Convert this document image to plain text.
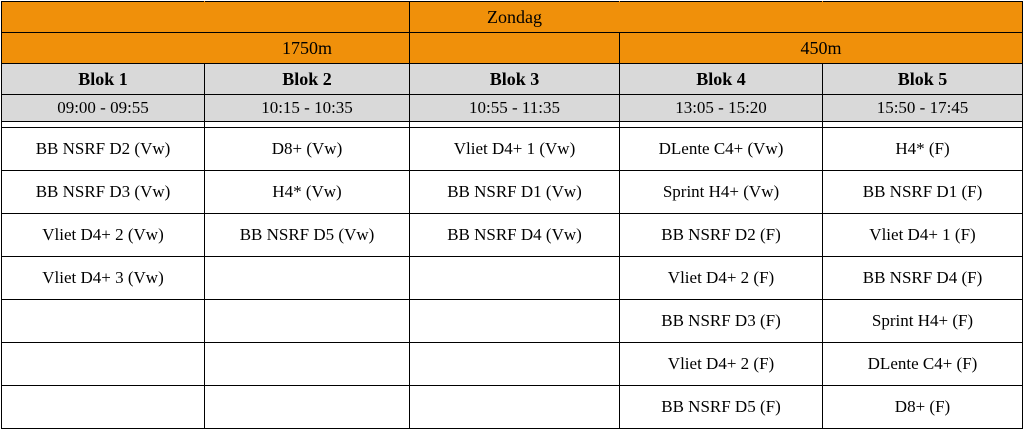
		Zondag		
	1750m		450m	
Blok 1	Blok 2	Blok 3	Blok 4	Blok 5
09:00 - 09:55	10:15 - 10:35	10:55 - 11:35	13:05 - 15:20	15:50 - 17:45

BB NSRF D2 (Vw)	D8+ (Vw)	Vliet D4+ 1 (Vw)	DLente C4+ (Vw)	H4* (F)
BB NSRF D3 (Vw)	H4* (Vw)	BB NSRF D1 (Vw)	Sprint H4+ (Vw)	BB NSRF D1 (F)
Vliet D4+ 2 (Vw)	BB NSRF D5 (Vw)	BB NSRF D4 (Vw)	BB NSRF D2 (F)	Vliet D4+ 1 (F)
Vliet D4+ 3 (Vw)			Vliet D4+ 2 (F)	BB NSRF D4 (F)
			BB NSRF D3 (F)	Sprint H4+ (F)
			Vliet D4+ 2 (F)	DLente C4+ (F)
			BB NSRF D5 (F)	D8+ (F)
